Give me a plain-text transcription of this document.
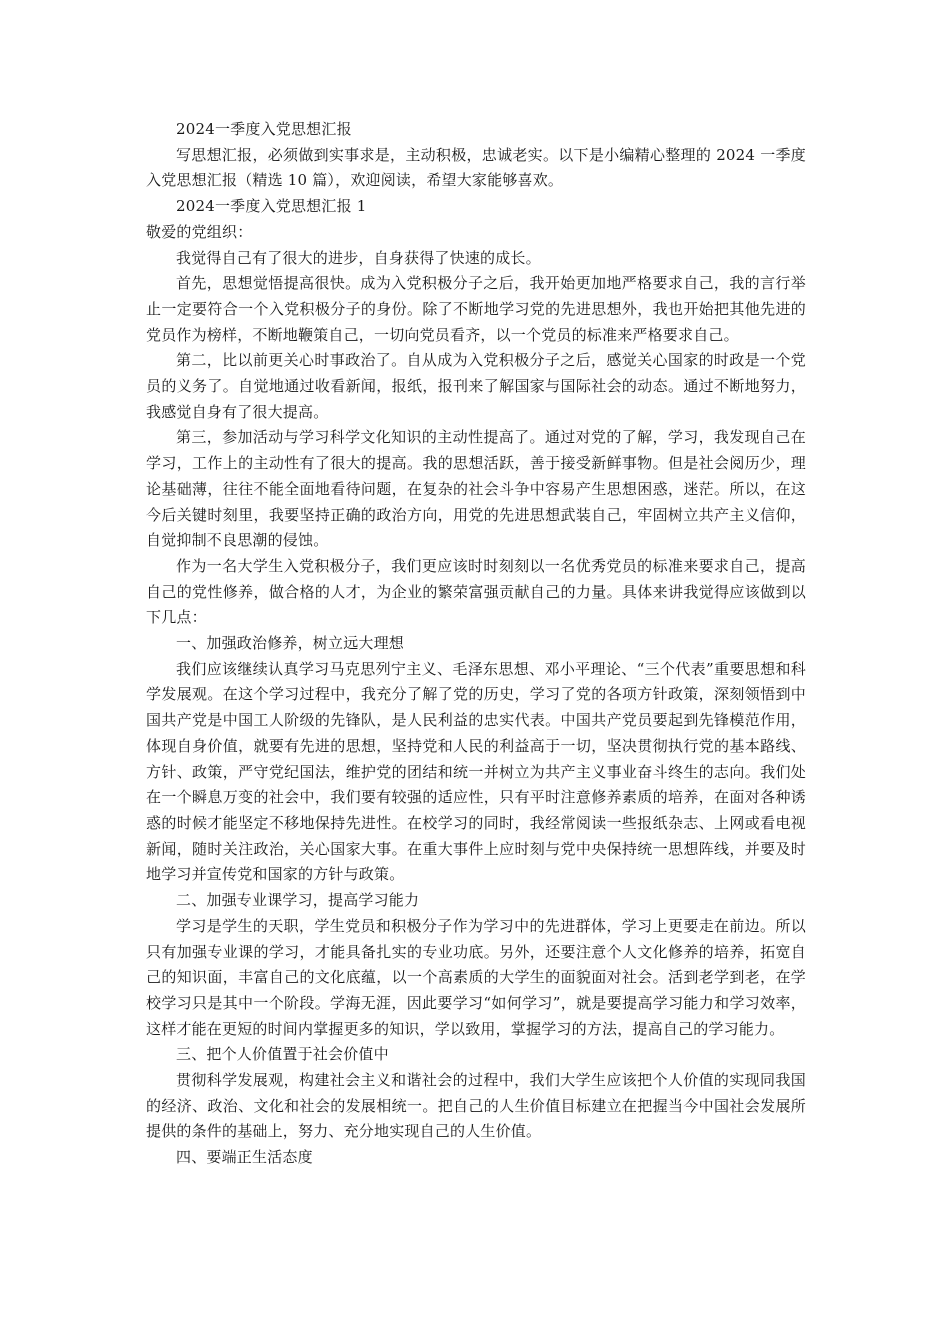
2024一季度入党思想汇报

写思想汇报，必须做到实事求是，主动积极，忠诚老实。以下是小编精心整理的 2024 一季度入党思想汇报（精选 10 篇），欢迎阅读，希望大家能够喜欢。

2024一季度入党思想汇报 1

敬爱的党组织：

我觉得自己有了很大的进步，自身获得了快速的成长。

首先，思想觉悟提高很快。成为入党积极分子之后，我开始更加地严格要求自己，我的言行举止一定要符合一个入党积极分子的身份。除了不断地学习党的先进思想外，我也开始把其他先进的党员作为榜样，不断地鞭策自己，一切向党员看齐，以一个党员的标准来严格要求自己。

第二，比以前更关心时事政治了。自从成为入党积极分子之后，感觉关心国家的时政是一个党员的义务了。自觉地通过收看新闻，报纸，报刊来了解国家与国际社会的动态。通过不断地努力，我感觉自身有了很大提高。

第三，参加活动与学习科学文化知识的主动性提高了。通过对党的了解，学习，我发现自己在学习，工作上的主动性有了很大的提高。我的思想活跃，善于接受新鲜事物。但是社会阅历少，理论基础薄，往往不能全面地看待问题，在复杂的社会斗争中容易产生思想困惑，迷茫。所以，在这今后关键时刻里，我要坚持正确的政治方向，用党的先进思想武装自己，牢固树立共产主义信仰，自觉抑制不良思潮的侵蚀。

作为一名大学生入党积极分子，我们更应该时时刻刻以一名优秀党员的标准来要求自己，提高自己的党性修养，做合格的人才，为企业的繁荣富强贡献自己的力量。具体来讲我觉得应该做到以下几点：

一、加强政治修养，树立远大理想

我们应该继续认真学习马克思列宁主义、毛泽东思想、邓小平理论、“三个代表”重要思想和科学发展观。在这个学习过程中，我充分了解了党的历史，学习了党的各项方针政策，深刻领悟到中国共产党是中国工人阶级的先锋队，是人民利益的忠实代表。中国共产党员要起到先锋模范作用，体现自身价值，就要有先进的思想，坚持党和人民的利益高于一切，坚决贯彻执行党的基本路线、方针、政策，严守党纪国法，维护党的团结和统一并树立为共产主义事业奋斗终生的志向。我们处在一个瞬息万变的社会中，我们要有较强的适应性，只有平时注意修养素质的培养，在面对各种诱惑的时候才能坚定不移地保持先进性。在校学习的同时，我经常阅读一些报纸杂志、上网或看电视新闻，随时关注政治，关心国家大事。在重大事件上应时刻与党中央保持统一思想阵线，并要及时地学习并宣传党和国家的方针与政策。

二、加强专业课学习，提高学习能力

学习是学生的天职，学生党员和积极分子作为学习中的先进群体，学习上更要走在前边。所以只有加强专业课的学习，才能具备扎实的专业功底。另外，还要注意个人文化修养的培养，拓宽自己的知识面，丰富自己的文化底蕴，以一个高素质的大学生的面貌面对社会。活到老学到老，在学校学习只是其中一个阶段。学海无涯，因此要学习“如何学习”，就是要提高学习能力和学习效率，这样才能在更短的时间内掌握更多的知识，学以致用，掌握学习的方法，提高自己的学习能力。

三、把个人价值置于社会价值中

贯彻科学发展观，构建社会主义和谐社会的过程中，我们大学生应该把个人价值的实现同我国的经济、政治、文化和社会的发展相统一。把自己的人生价值目标建立在把握当今中国社会发展所提供的条件的基础上，努力、充分地实现自己的人生价值。

四、要端正生活态度
